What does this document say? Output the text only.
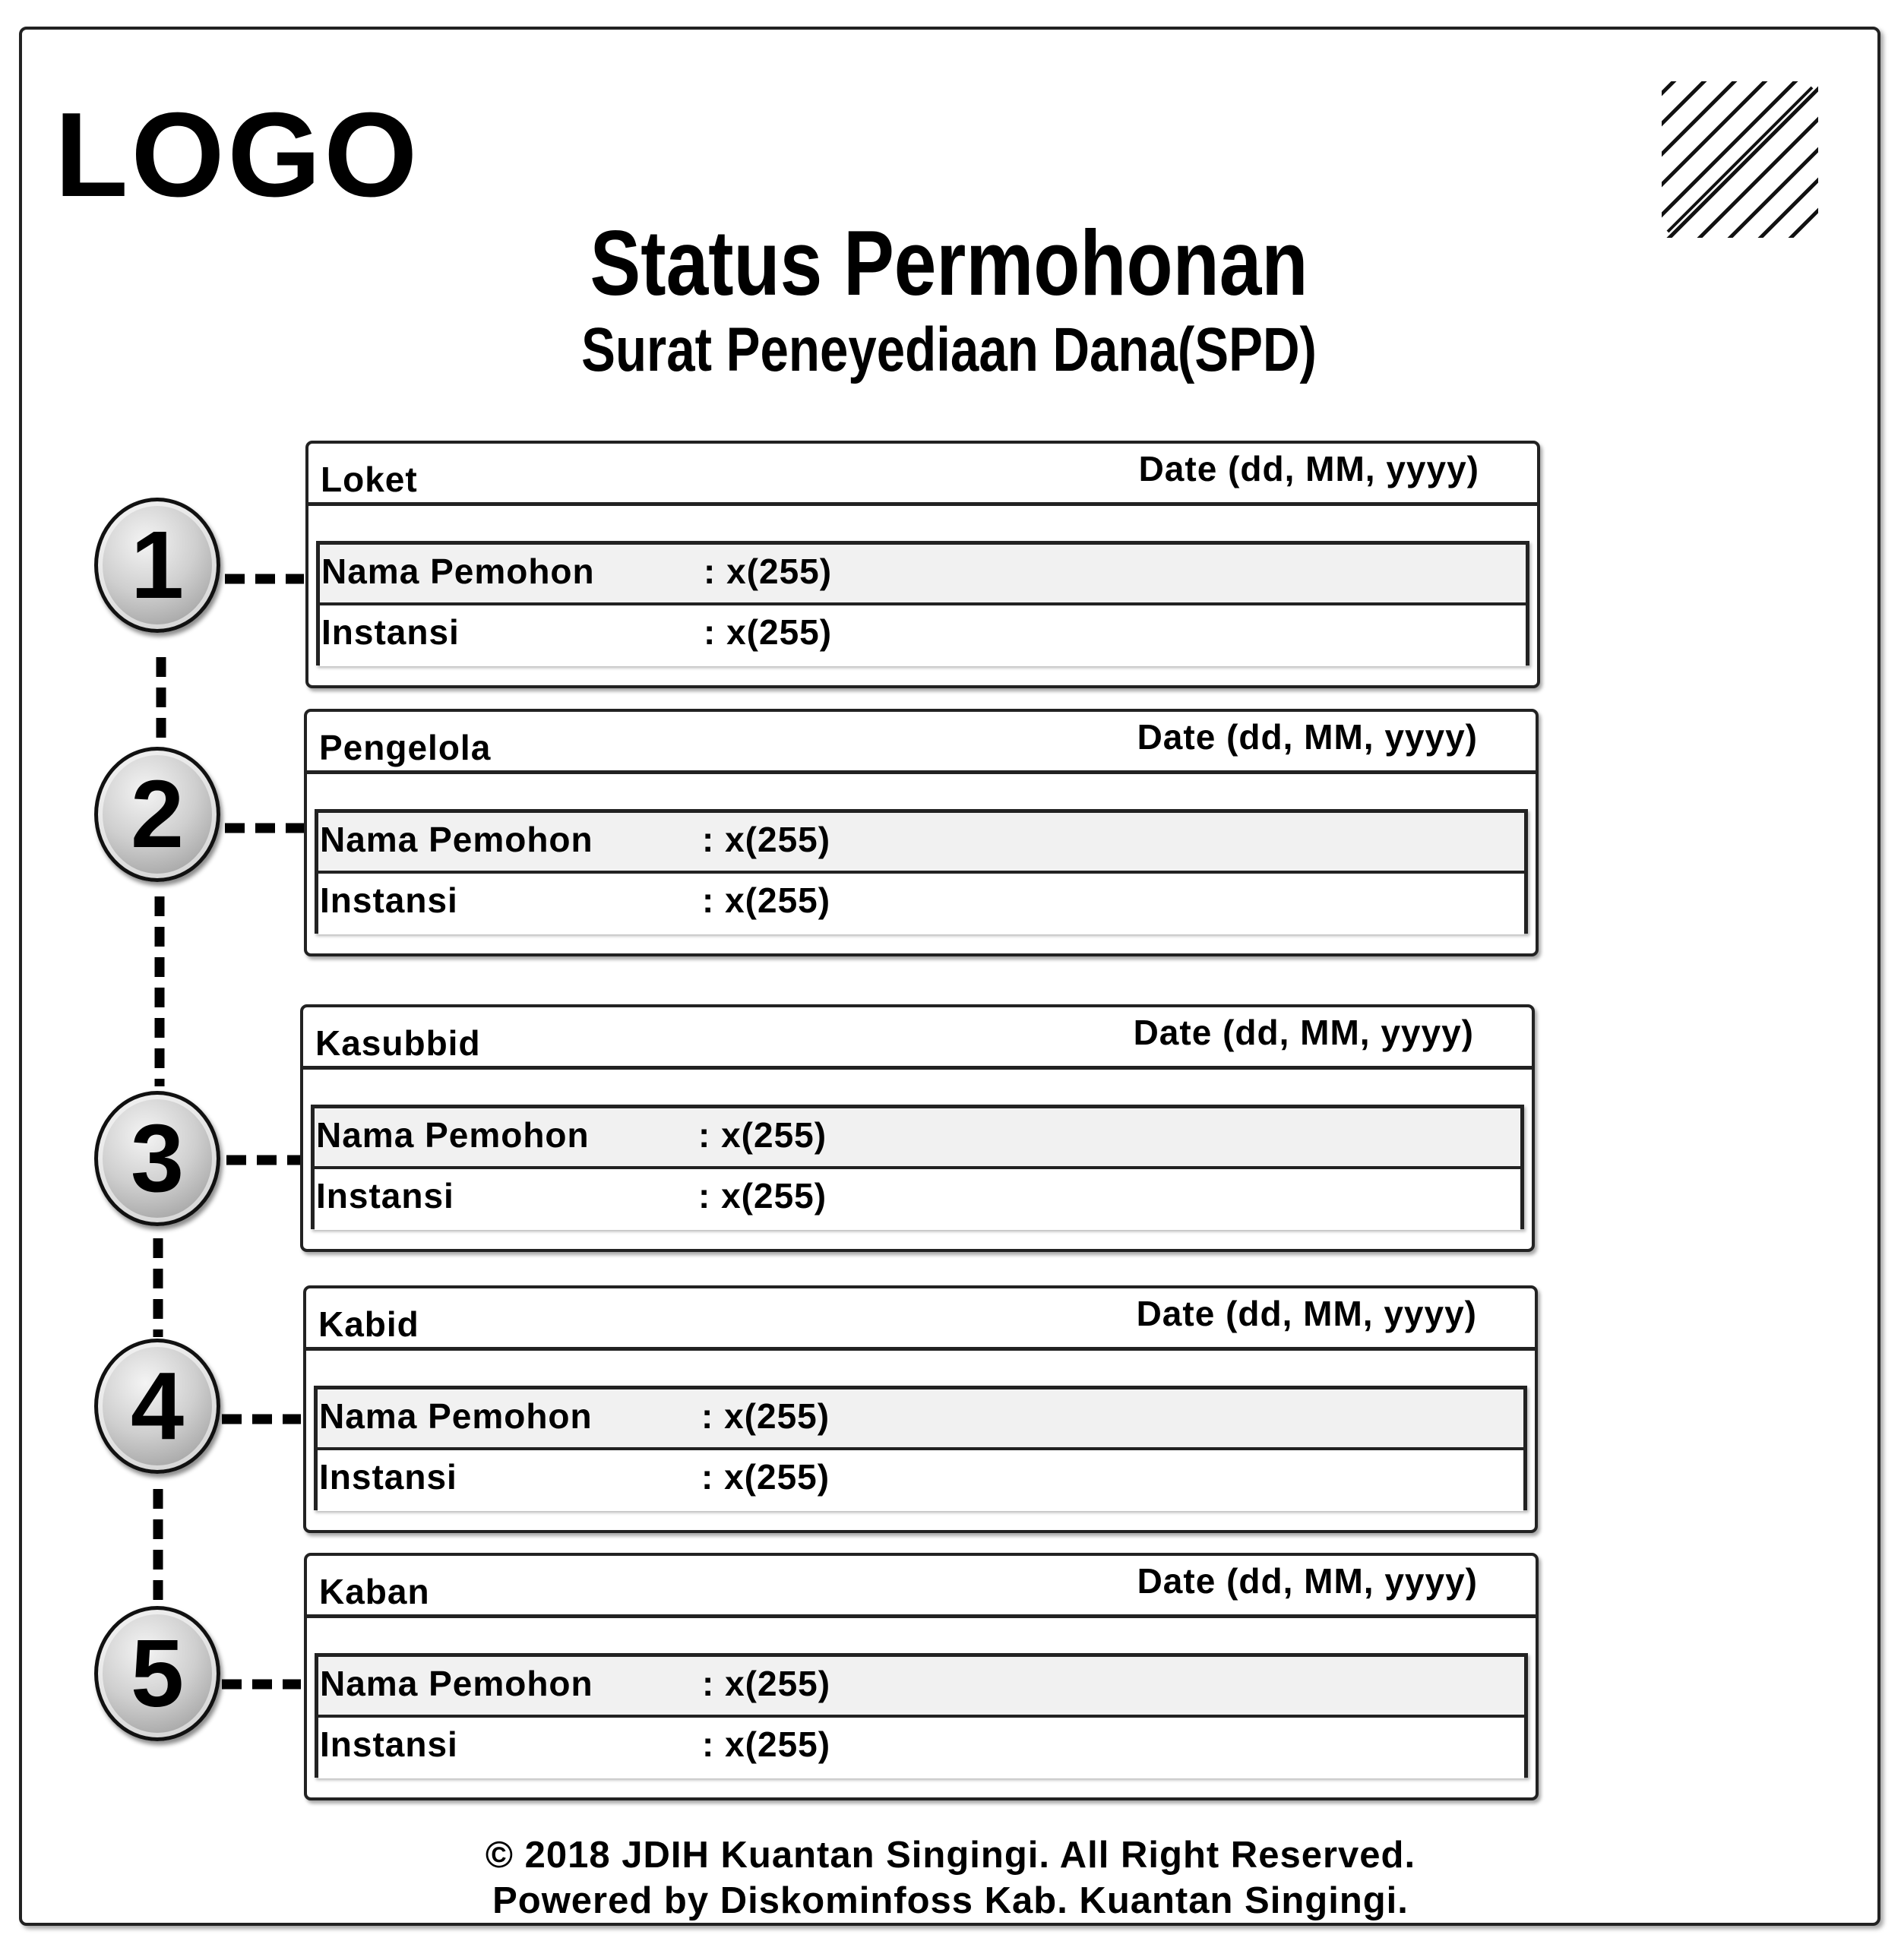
LOGO
Status Permohonan
Surat Peneyediaan Dana(SPD)
1
2
3
4
5
Loket	Date (dd, MM, yyyy)
Nama Pemohon	: x(255)
Instansi	: x(255)
Pengelola	Date (dd, MM, yyyy)
Nama Pemohon	: x(255)
Instansi	: x(255)
Kasubbid	Date (dd, MM, yyyy)
Nama Pemohon	: x(255)
Instansi	: x(255)
Kabid	Date (dd, MM, yyyy)
Nama Pemohon	: x(255)
Instansi	: x(255)
Kaban	Date (dd, MM, yyyy)
Nama Pemohon	: x(255)
Instansi	: x(255)

© 2018 JDIH Kuantan Singingi. All Right Reserved.

Powered by Diskominfoss Kab. Kuantan Singingi.
